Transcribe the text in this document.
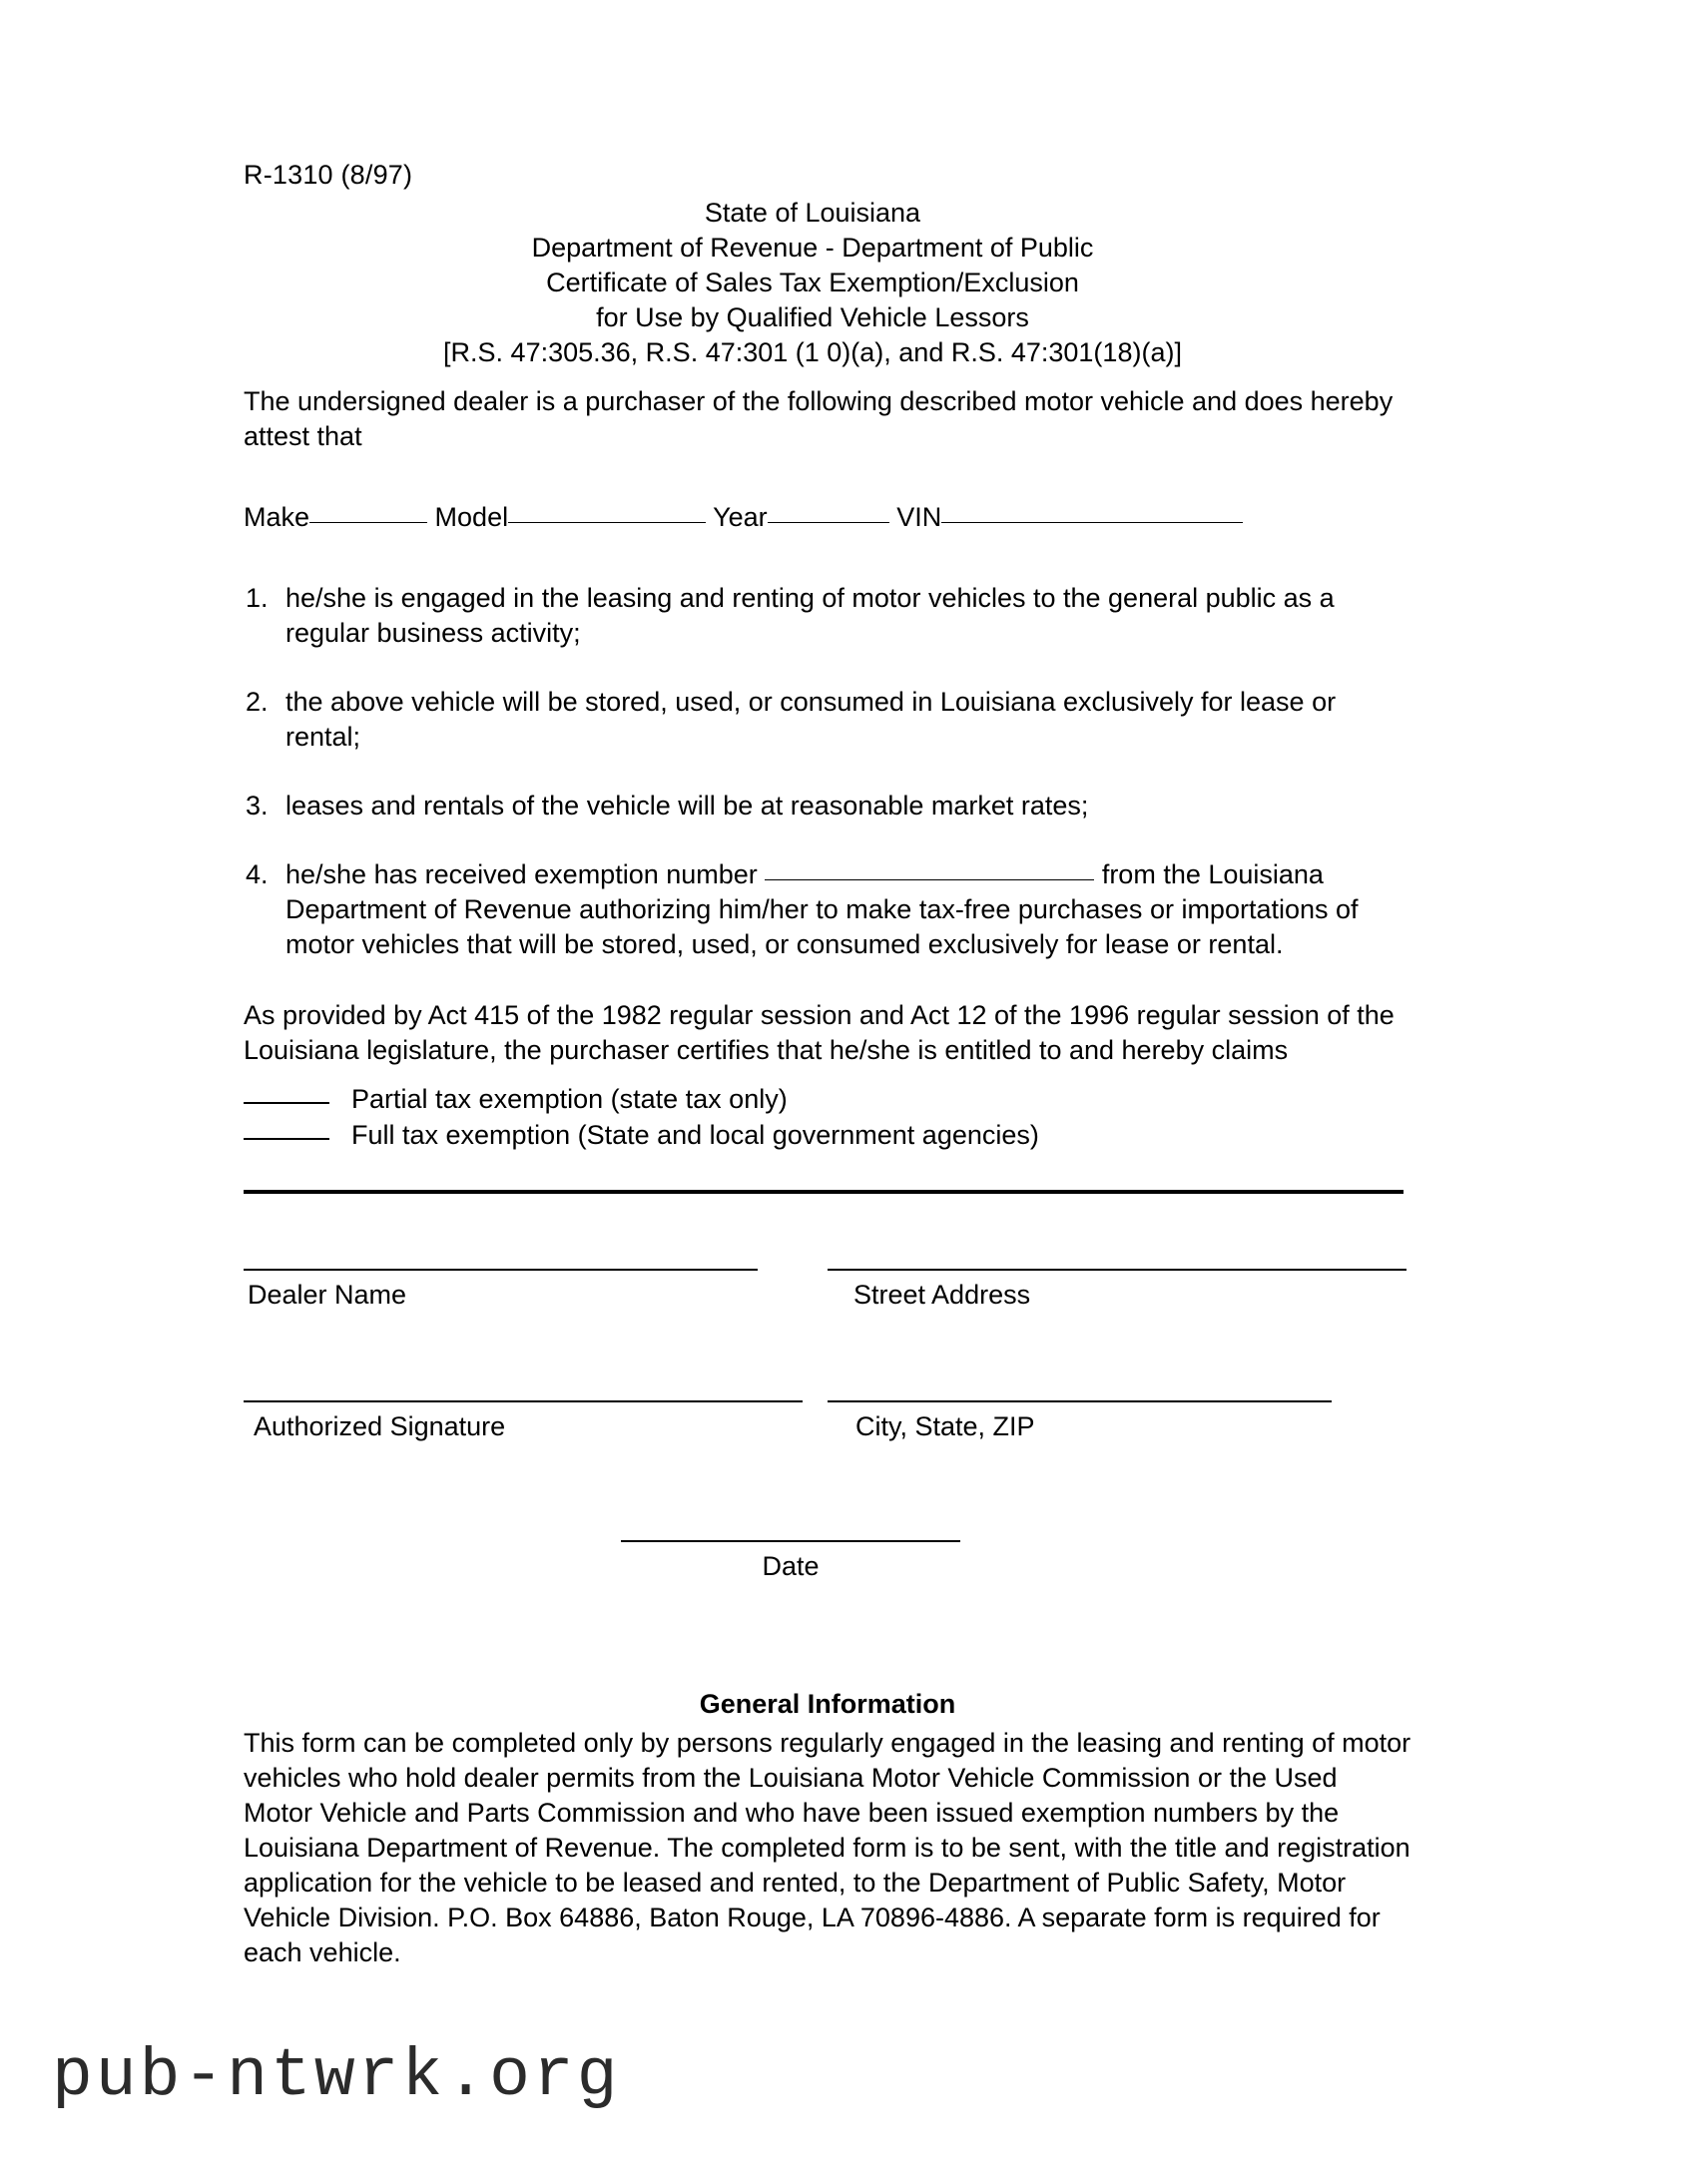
R-1310 (8/97)
State of Louisiana
Department of Revenue - Department of Public
Certificate of Sales Tax Exemption/Exclusion
for Use by Qualified Vehicle Lessors
[R.S. 47:305.36, R.S. 47:301 (1 0)(a), and R.S. 47:301(18)(a)]

The undersigned dealer is a purchaser of the following described motor vehicle and does hereby attest that

Make	Model	Year	VIN
1. he/she is engaged in the leasing and renting of motor vehicles to the general public as a regular business activity;
2. the above vehicle will be stored, used, or consumed in Louisiana exclusively for lease or rental;
3. leases and rentals of the vehicle will be at reasonable market rates;
4. he/she has received exemption number	from the Louisiana Department of Revenue authorizing him/her to make tax-free purchases or importations of motor vehicles that will be stored, used, or consumed exclusively for lease or rental.

As provided by Act 415 of the 1982 regular session and Act 12 of the 1996 regular session of the Louisiana legislature, the purchaser certifies that he/she is entitled to and hereby claims

Partial tax exemption (state tax only)
Full tax exemption (State and local government agencies)
Dealer Name	Street Address
Authorized Signature	City, State, ZIP
Date
General Information
This form can be completed only by persons regularly engaged in the leasing and renting of motor vehicles who hold dealer permits from the Louisiana Motor Vehicle Commission or the Used Motor Vehicle and Parts Commission and who have been issued exemption numbers by the Louisiana Department of Revenue. The completed form is to be sent, with the title and registration application for the vehicle to be leased and rented, to the Department of Public Safety, Motor Vehicle Division. P.O. Box 64886, Baton Rouge, LA 70896-4886. A separate form is required for each vehicle.
pub-ntwrk.org
